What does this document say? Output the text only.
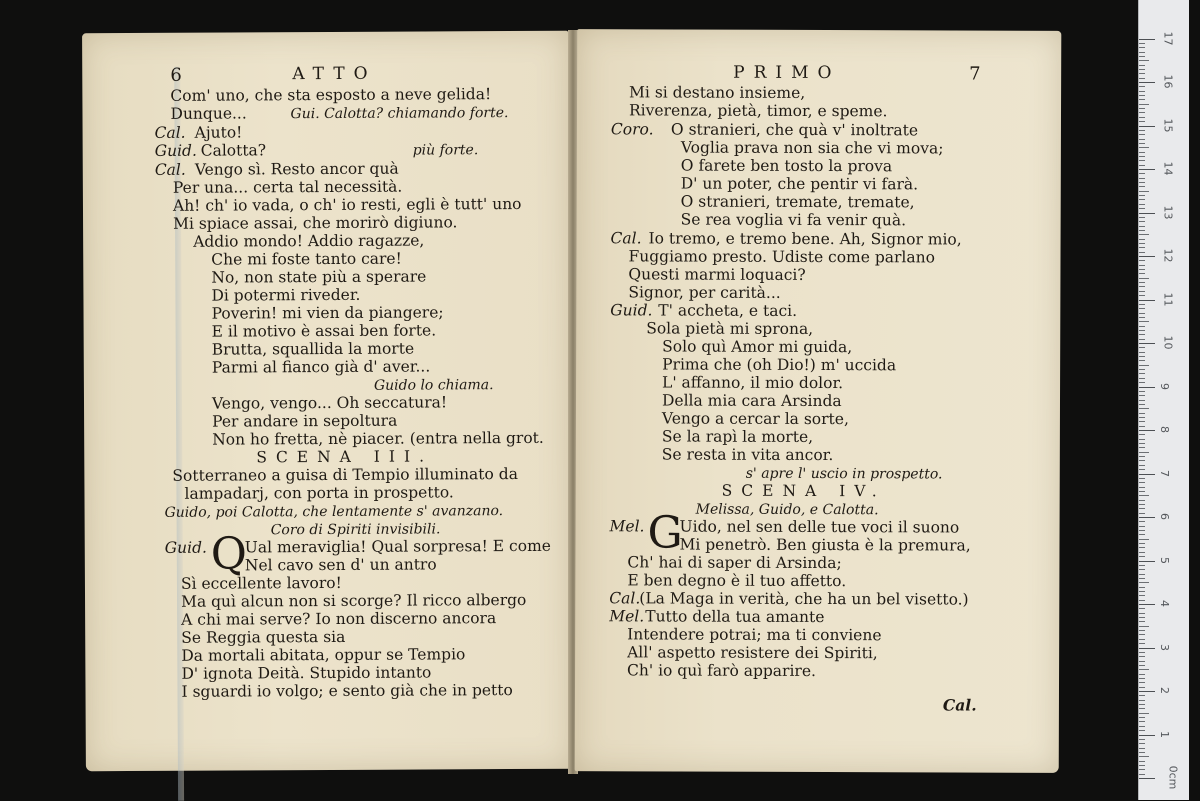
6	ATTO
Com' uno, che sta esposto a neve gelida!
Dunque...	Gui. Calotta? chiamando forte.
Cal. Ajuto!
Guid. Calotta?	più forte.
Cal. Vengo sì. Resto ancor quà
Per una... certa tal necessità.
Ah! ch' io vada, o ch' io resti, egli è tutt' uno
Mi spiace assai, che morirò digiuno.
Addio mondo! Addio ragazze,
Che mi foste tanto care!
No, non state più a sperare
Di potermi riveder.
Poverin! mi vien da piangere;
E il motivo è assai ben forte.
Brutta, squallida la morte
Parmi al fianco già d' aver...
Guido lo chiama.
Vengo, vengo... Oh seccatura!
Per andare in sepoltura
Non ho fretta, nè piacer. (entra nella grot.
SCENA III.
Sotterraneo a guisa di Tempio illuminato da
lampadarj, con porta in prospetto.
Guido, poi Calotta, che lentamente s' avanzano.
Coro di Spiriti invisibili.
Guid. Q
Ual meraviglia! Qual sorpresa! E come
Nel cavo sen d' un antro
Sì eccellente lavoro!
Ma quì alcun non si scorge? Il ricco albergo
A chi mai serve? Io non discerno ancora
Se Reggia questa sia
Da mortali abitata, oppur se Tempio
D' ignota Deità. Stupido intanto
I sguardi io volgo; e sento già che in petto
PRIMO	7
Mi si destano insieme,
Riverenza, pietà, timor, e speme.
Coro. O stranieri, che quà v' inoltrate
Voglia prava non sia che vi mova;
O farete ben tosto la prova
D' un poter, che pentir vi farà.
O stranieri, tremate, tremate,
Se rea voglia vi fa venir quà.
Cal. Io tremo, e tremo bene. Ah, Signor mio,
Fuggiamo presto. Udiste come parlano
Questi marmi loquaci?
Signor, per carità...
Guid. T' accheta, e taci.
Sola pietà mi sprona,
Solo quì Amor mi guida,
Prima che (oh Dio!) m' uccida
L' affanno, il mio dolor.
Della mia cara Arsinda
Vengo a cercar la sorte,
Se la rapì la morte,
Se resta in vita ancor.
s' apre l' uscio in prospetto.
SCENA IV.
Melissa, Guido, e Calotta.
Mel. G
Uido, nel sen delle tue voci il suono
Mi penetrò. Ben giusta è la premura,
Ch' hai di saper di Arsinda;
E ben degno è il tuo affetto.
Cal.
(La Maga in verità, che ha un bel visetto.)
Mel. Tutto della tua amante
Intendere potrai; ma ti conviene
All' aspetto resistere dei Spiriti,
Ch' io quì farò apparire.
Cal.
17
16
15
14
13
12
11
10
9
8
7
6
5
4
3
2
1
0cm
